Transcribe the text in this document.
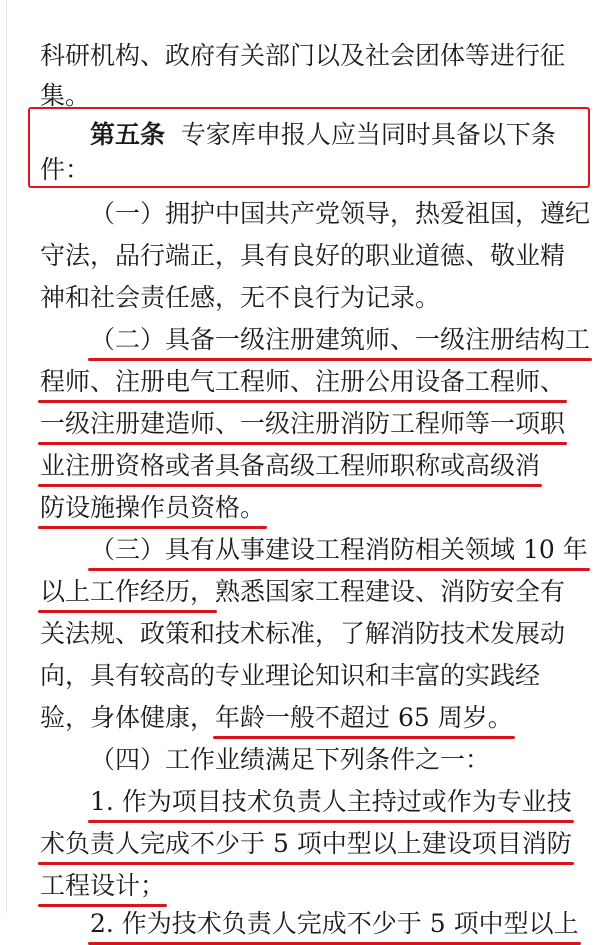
科研机构、政府有关部门以及社会团体等进行征
集。
第五条 专家库申报人应当同时具备以下条
件：
（一）拥护中国共产党领导，热爱祖国，遵纪
守法，品行端正，具有良好的职业道德、敬业精
神和社会责任感，无不良行为记录。
（二）具备一级注册建筑师、一级注册结构工
程师、注册电气工程师、注册公用设备工程师、
一级注册建造师、一级注册消防工程师等一项职
业注册资格或者具备高级工程师职称或高级消
防设施操作员资格。
（三）具有从事建设工程消防相关领域 10 年
以上工作经历，熟悉国家工程建设、消防安全有
关法规、政策和技术标准，了解消防技术发展动
向，具有较高的专业理论知识和丰富的实践经
验，身体健康，年龄一般不超过 65 周岁。
（四）工作业绩满足下列条件之一：
1. 作为项目技术负责人主持过或作为专业技
术负责人完成不少于 5 项中型以上建设项目消防
工程设计；
2. 作为技术负责人完成不少于 5 项中型以上
